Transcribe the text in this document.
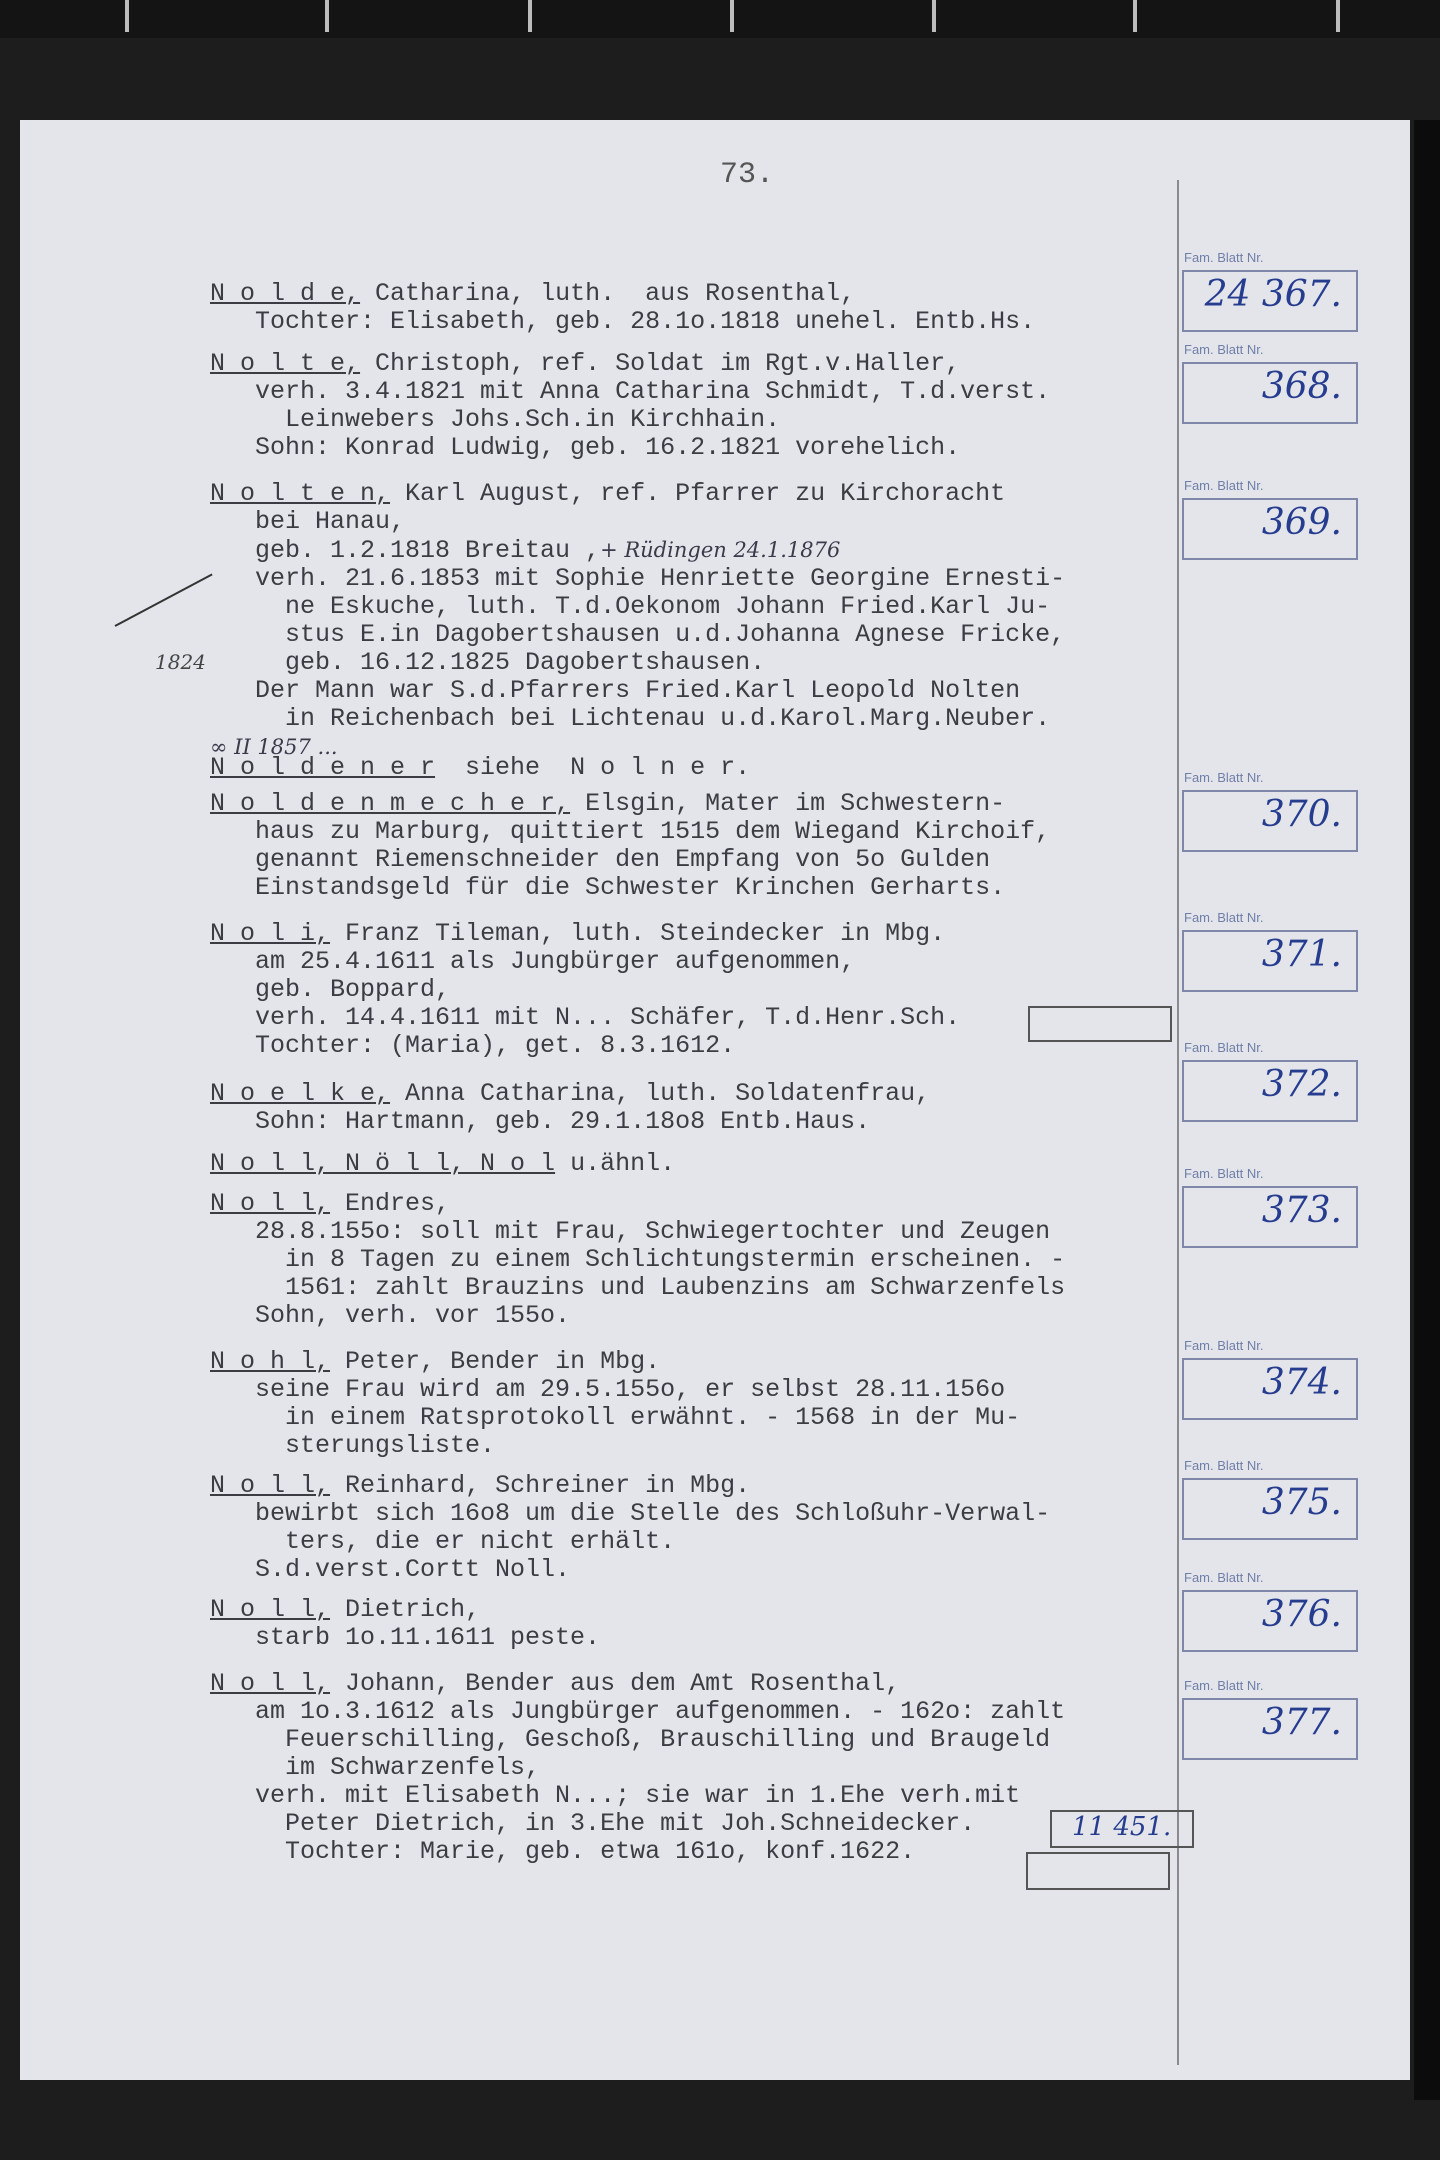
73.
N o l d e, Catharina, luth.  aus Rosenthal,
Tochter: Elisabeth, geb. 28.1o.1818 unehel. Entb.Hs.
N o l t e, Christoph, ref. Soldat im Rgt.v.Haller,
verh. 3.4.1821 mit Anna Catharina Schmidt, T.d.verst.
Leinwebers Johs.Sch.in Kirchhain.
Sohn: Konrad Ludwig, geb. 16.2.1821 vorehelich.
N o l t e n, Karl August, ref. Pfarrer zu Kirchoracht
bei Hanau,
geb. 1.2.1818 Breitau ,+ Rüdingen 24.1.1876
verh. 21.6.1853 mit Sophie Henriette Georgine Ernesti-
ne Eskuche, luth. T.d.Oekonom Johann Fried.Karl Ju-
stus E.in Dagobertshausen u.d.Johanna Agnese Fricke,
geb. 16.12.1825 Dagobertshausen.
Der Mann war S.d.Pfarrers Fried.Karl Leopold Nolten
in Reichenbach bei Lichtenau u.d.Karol.Marg.Neuber.
∞ II 1857 ...
N o l d e n e r  siehe  N o l n e r.
N o l d e n m e c h e r, Elsgin, Mater im Schwestern-
haus zu Marburg, quittiert 1515 dem Wiegand Kirchoif,
genannt Riemenschneider den Empfang von 5o Gulden
Einstandsgeld für die Schwester Krinchen Gerharts.
N o l i, Franz Tileman, luth. Steindecker in Mbg.
am 25.4.1611 als Jungbürger aufgenommen,
geb. Boppard,
verh. 14.4.1611 mit N... Schäfer, T.d.Henr.Sch.
Tochter: (Maria), get. 8.3.1612.
N o e l k e, Anna Catharina, luth. Soldatenfrau,
Sohn: Hartmann, geb. 29.1.18o8 Entb.Haus.
N o l l, N ö l l, N o l u.ähnl.
N o l l, Endres,
28.8.155o: soll mit Frau, Schwiegertochter und Zeugen
in 8 Tagen zu einem Schlichtungstermin erscheinen. -
1561: zahlt Brauzins und Laubenzins am Schwarzenfels
Sohn, verh. vor 155o.
N o h l, Peter, Bender in Mbg.
seine Frau wird am 29.5.155o, er selbst 28.11.156o
in einem Ratsprotokoll erwähnt. - 1568 in der Mu-
sterungsliste.
N o l l, Reinhard, Schreiner in Mbg.
bewirbt sich 16o8 um die Stelle des Schloßuhr-Verwal-
ters, die er nicht erhält.
S.d.verst.Cortt Noll.
N o l l, Dietrich,
starb 1o.11.1611 peste.
N o l l, Johann, Bender aus dem Amt Rosenthal,
am 1o.3.1612 als Jungbürger aufgenommen. - 162o: zahlt
Feuerschilling, Geschoß, Brauschilling und Braugeld
im Schwarzenfels,
verh. mit Elisabeth N...; sie war in 1.Ehe verh.mit
Peter Dietrich, in 3.Ehe mit Joh.Schneidecker.
Tochter: Marie, geb. etwa 161o, konf.1622.
11 451.
1824
Fam. Blatt Nr.
24 367.
Fam. Blatt Nr.
368.
Fam. Blatt Nr.
369.
Fam. Blatt Nr.
370.
Fam. Blatt Nr.
371.
Fam. Blatt Nr.
372.
Fam. Blatt Nr.
373.
Fam. Blatt Nr.
374.
Fam. Blatt Nr.
375.
Fam. Blatt Nr.
376.
Fam. Blatt Nr.
377.
